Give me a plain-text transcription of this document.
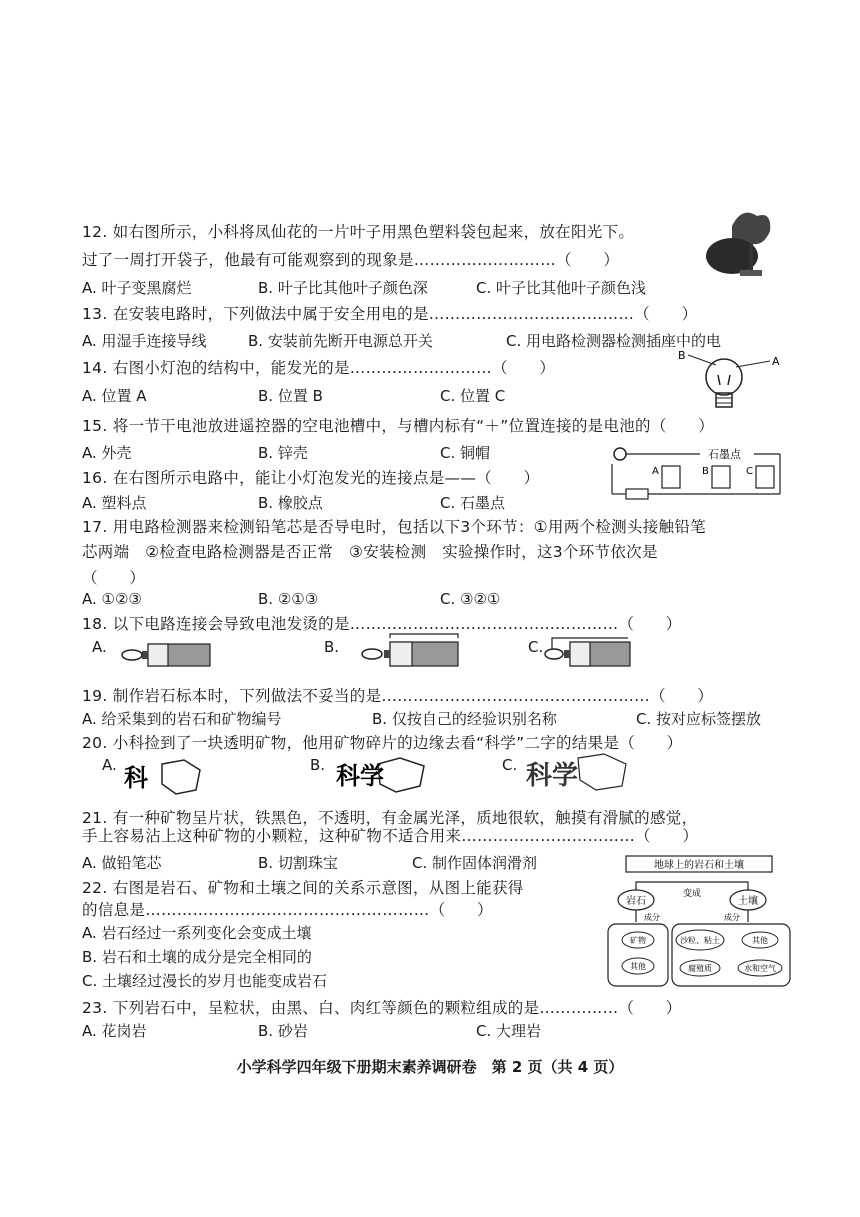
12. 如右图所示，小科将凤仙花的一片叶子用黑色塑料袋包起来，放在阳光下。
过了一周打开袋子，他最有可能观察到的现象是………………………（　　）
A. 叶子变黑腐烂	B. 叶子比其他叶子颜色深	C. 叶子比其他叶子颜色浅
13. 在安装电路时，下列做法中属于安全用电的是…………………………………（　　）
A. 用湿手连接导线	B. 安装前先断开电源总开关	C. 用电路检测器检测插座中的电
14. 右图小灯泡的结构中，能发光的是………………………（　　）
B	A
A. 位置 A	B. 位置 B	C. 位置 C
15. 将一节干电池放进遥控器的空电池槽中，与槽内标有“＋”位置连接的是电池的（　　）
A. 外壳	B. 锌壳	C. 铜帽
16. 在右图所示电路中，能让小灯泡发光的连接点是——（　　）
石墨点
A	B	C
A. 塑料点	B. 橡胶点	C. 石墨点
17. 用电路检测器来检测铅笔芯是否导电时，包括以下3个环节：①用两个检测头接触铅笔
芯两端　②检查电路检测器是否正常　③安装检测　实验操作时，这3个环节依次是
（　　）
A. ①②③	B. ②①③	C. ③②①
18. 以下电路连接会导致电池发烫的是……………………………………………（　　）
A.	B.	C.
19. 制作岩石标本时，下列做法不妥当的是……………………………………………（　　）
A. 给采集到的岩石和矿物编号	B. 仅按自己的经验识别名称	C. 按对应标签摆放
20. 小科捡到了一块透明矿物，他用矿物碎片的边缘去看“科学”二字的结果是（　　）
A. 科	B. 科学	C. 科学
21. 有一种矿物呈片状，铁黑色，不透明，有金属光泽，质地很软，触摸有滑腻的感觉，
手上容易沾上这种矿物的小颗粒，这种矿物不适合用来……………………………（　　）
A. 做铅笔芯	B. 切割珠宝	C. 制作固体润滑剂
22. 右图是岩石、矿物和土壤之间的关系示意图，从图上能获得
的信息是………………………………………………（　　）
A. 岩石经过一系列变化会变成土壤
B. 岩石和土壤的成分是完全相同的
C. 土壤经过漫长的岁月也能变成岩石
地球上的岩石和土壤
岩石	土壤
变成
成分	成分
矿物
其他
沙粒、粘土	其他
腐殖质	水和空气
23. 下列岩石中，呈粒状，由黑、白、肉红等颜色的颗粒组成的是……………（　　）
A. 花岗岩	B. 砂岩	C. 大理岩
小学科学四年级下册期末素养调研卷　第 2 页（共 4 页）
